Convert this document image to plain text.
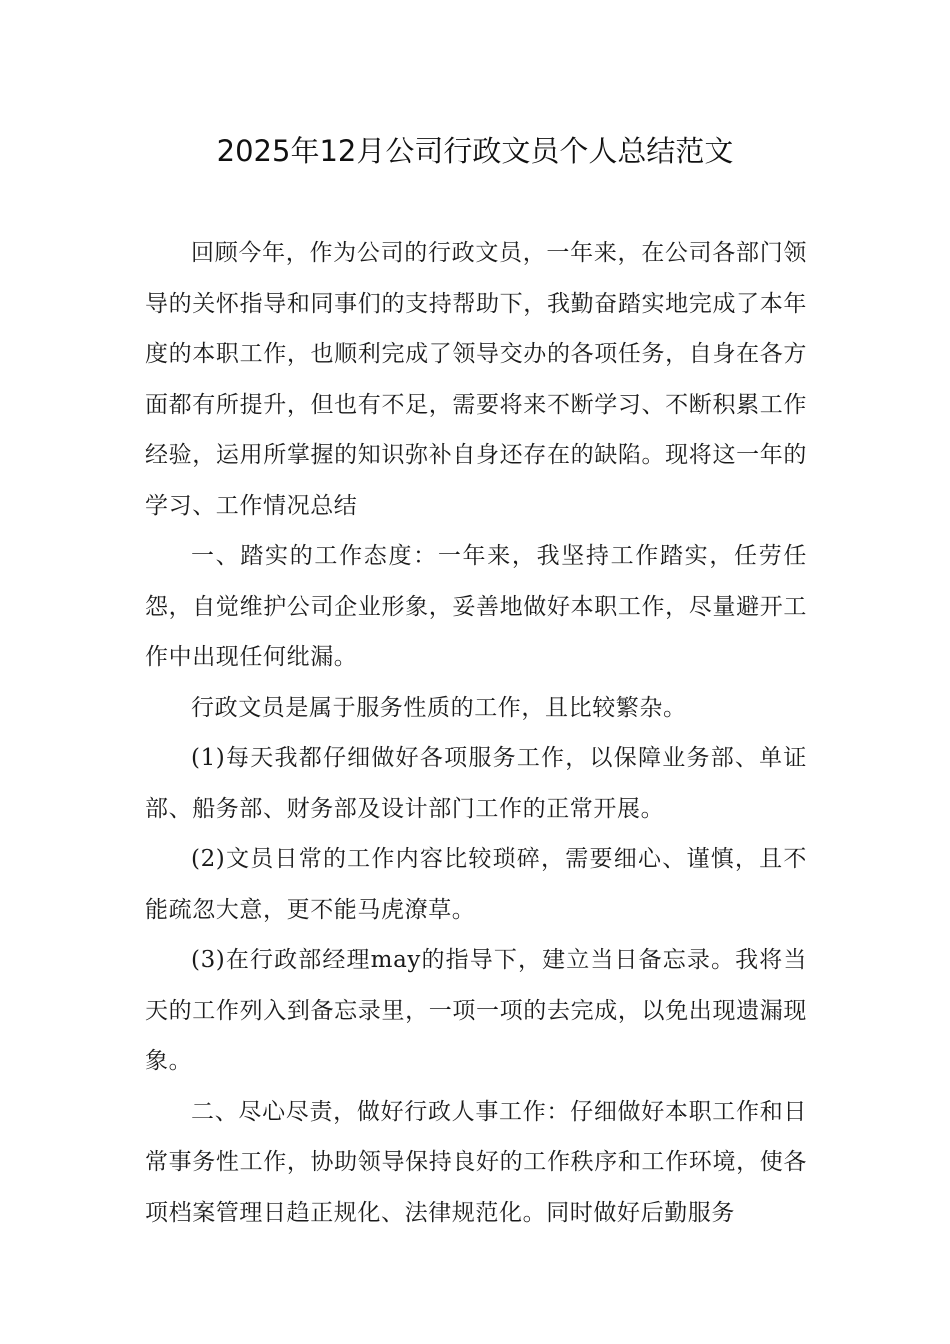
2025年12月公司行政文员个人总结范文

回顾今年，作为公司的行政文员，一年来，在公司各部门领导的关怀指导和同事们的支持帮助下，我勤奋踏实地完成了本年度的本职工作，也顺利完成了领导交办的各项任务，自身在各方面都有所提升，但也有不足，需要将来不断学习、不断积累工作经验，运用所掌握的知识弥补自身还存在的缺陷。现将这一年的学习、工作情况总结

一、踏实的工作态度：一年来，我坚持工作踏实，任劳任怨，自觉维护公司企业形象，妥善地做好本职工作，尽量避开工作中出现任何纰漏。

行政文员是属于服务性质的工作，且比较繁杂。

(1)每天我都仔细做好各项服务工作，以保障业务部、单证部、船务部、财务部及设计部门工作的正常开展。

(2)文员日常的工作内容比较琐碎，需要细心、谨慎，且不能疏忽大意，更不能马虎潦草。

(3)在行政部经理may的指导下，建立当日备忘录。我将当天的工作列入到备忘录里，一项一项的去完成，以免出现遗漏现象。

二、尽心尽责，做好行政人事工作：仔细做好本职工作和日常事务性工作，协助领导保持良好的工作秩序和工作环境，使各项档案管理日趋正规化、法律规范化。同时做好后勤服务
